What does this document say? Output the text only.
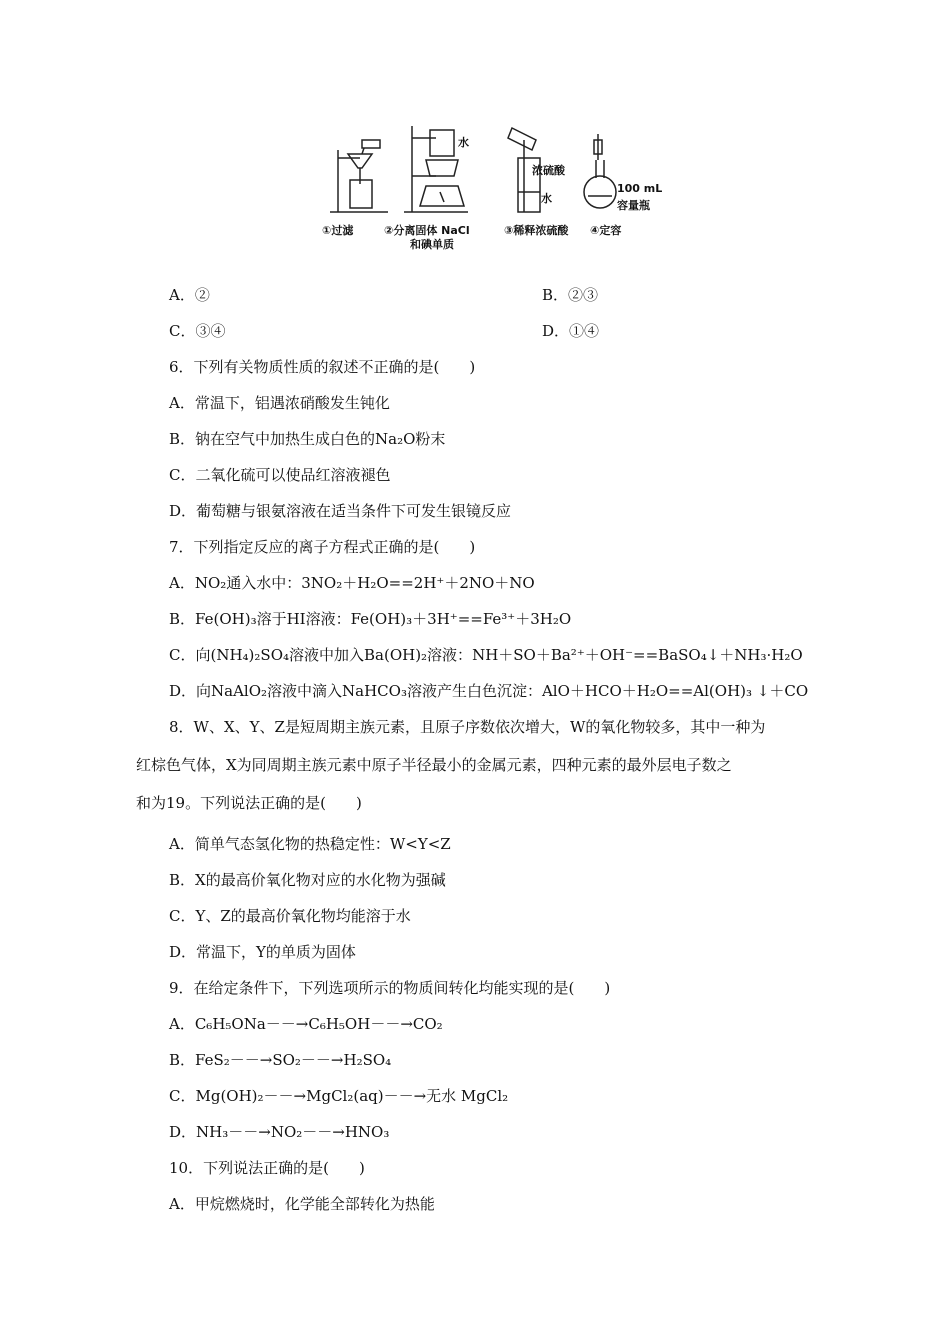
水
浓硫酸
水
100 mL
容量瓶
①过滤	②分离固体 NaCl
和碘单质
③稀释浓硫酸 ④定容
A．②	B．②③
C．③④	D．①④
6．下列有关物质性质的叙述不正确的是(　　)
A．常温下，铝遇浓硝酸发生钝化
B．钠在空气中加热生成白色的Na₂O粉末
C．二氧化硫可以使品红溶液褪色
D．葡萄糖与银氨溶液在适当条件下可发生银镜反应
7．下列指定反应的离子方程式正确的是(　　)
A．NO₂通入水中：3NO₂＋H₂O==2H⁺＋2NO＋NO
B．Fe(OH)₃溶于HI溶液：Fe(OH)₃＋3H⁺==Fe³⁺＋3H₂O
C．向(NH₄)₂SO₄溶液中加入Ba(OH)₂溶液：NH＋SO＋Ba²⁺＋OH⁻==BaSO₄↓＋NH₃·H₂O
D．向NaAlO₂溶液中滴入NaHCO₃溶液产生白色沉淀：AlO＋HCO＋H₂O==Al(OH)₃ ↓＋CO
8．W、X、Y、Z是短周期主族元素，且原子序数依次增大，W的氧化物较多，其中一种为
红棕色气体，X为同周期主族元素中原子半径最小的金属元素，四种元素的最外层电子数之
和为19。下列说法正确的是(　　)
A．简单气态氢化物的热稳定性：W<Y<Z
B．X的最高价氧化物对应的水化物为强碱
C．Y、Z的最高价氧化物均能溶于水
D．常温下，Y的单质为固体
9．在给定条件下，下列选项所示的物质间转化均能实现的是(　　)
A．C₆H₅ONa－－→C₆H₅OH－－→CO₂
B．FeS₂－－→SO₂－－→H₂SO₄
C．Mg(OH)₂－－→MgCl₂(aq)－－→无水 MgCl₂
D．NH₃－－→NO₂－－→HNO₃
10．下列说法正确的是(　　)
A．甲烷燃烧时，化学能全部转化为热能
